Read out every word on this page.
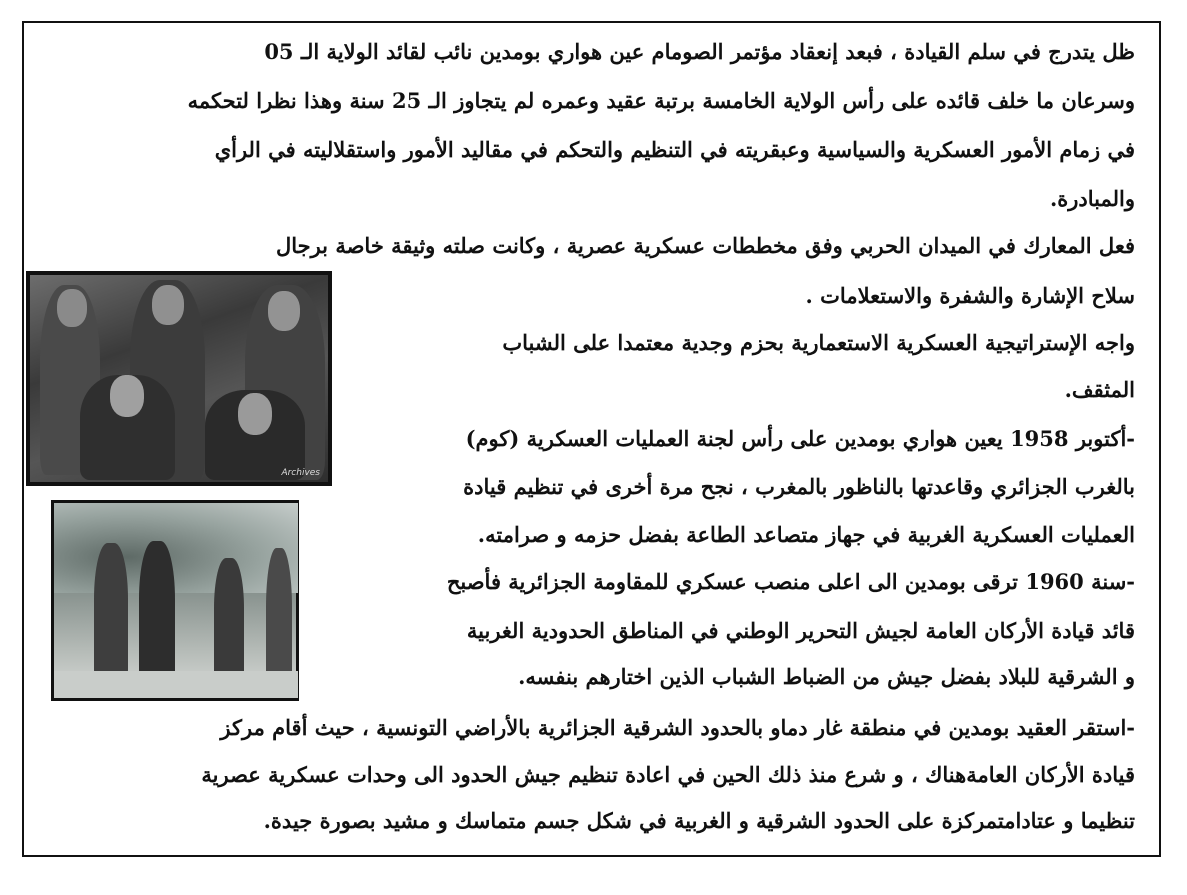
ظل يتدرج في سلم القيادة ، فبعد إنعقاد مؤتمر الصومام عين هواري بومدين نائب لقائد الولاية الـ 05
وسرعان ما خلف قائده على رأس الولاية الخامسة برتبة عقيد وعمره لم يتجاوز الـ 25 سنة وهذا نظرا لتحكمه
في زمام الأمور العسكرية والسياسية وعبقريته في التنظيم والتحكم في مقاليد الأمور واستقلاليته في الرأي
والمبادرة.
فعل المعارك في الميدان الحربي وفق مخططات عسكرية عصرية ، وكانت صلته وثيقة خاصة برجال
سلاح الإشارة والشفرة والاستعلامات .
واجه الإستراتيجية العسكرية الاستعمارية بحزم وجدية معتمدا على الشباب
المثقف.
-أكتوبر 1958 يعين هواري بومدين على رأس لجنة العمليات العسكرية (كوم)
بالغرب الجزائري وقاعدتها بالناظور بالمغرب ، نجح مرة أخرى في تنظيم قيادة
العمليات العسكرية الغربية في جهاز متصاعد الطاعة بفضل حزمه و صرامته.
-سنة 1960 ترقى بومدين الى اعلى منصب عسكري للمقاومة الجزائرية فأصبح
قائد قيادة الأركان العامة لجيش التحرير الوطني في المناطق الحدودية الغربية
و الشرقية للبلاد بفضل جيش من الضباط الشباب الذين اختارهم بنفسه.
-استقر العقيد بومدين في منطقة غار دماو بالحدود الشرقية الجزائرية بالأراضي التونسية ، حيث أقام مركز
قيادة الأركان العامةهناك ، و شرع منذ ذلك الحين في اعادة تنظيم جيش الحدود الى وحدات عسكرية عصرية
تنظيما و عتادامتمركزة على الحدود الشرقية و الغربية في شكل جسم متماسك و مشيد بصورة جيدة.
Archives
